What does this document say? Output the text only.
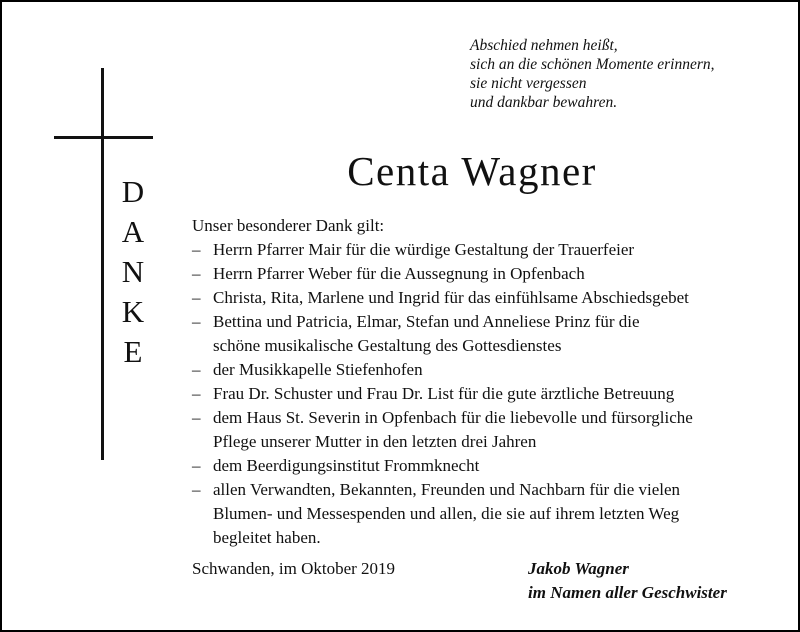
D
A
N
K
E
Abschied nehmen heißt,
sich an die schönen Momente erinnern,
sie nicht vergessen
und dankbar bewahren.
Centa Wagner
Unser besonderer Dank gilt:
– Herrn Pfarrer Mair für die würdige Gestaltung der Trauerfeier
– Herrn Pfarrer Weber für die Aussegnung in Opfenbach
– Christa, Rita, Marlene und Ingrid für das einfühlsame Abschiedsgebet
– Bettina und Patricia, Elmar, Stefan und Anneliese Prinz für die
schöne musikalische Gestaltung des Gottesdienstes
– der Musikkapelle Stiefenhofen
– Frau Dr. Schuster und Frau Dr. List für die gute ärztliche Betreuung
– dem Haus St. Severin in Opfenbach für die liebevolle und fürsorgliche
Pflege unserer Mutter in den letzten drei Jahren
– dem Beerdigungsinstitut Frommknecht
– allen Verwandten, Bekannten, Freunden und Nachbarn für die vielen
Blumen- und Messespenden und allen, die sie auf ihrem letzten Weg
begleitet haben.
Schwanden, im Oktober 2019	Jakob Wagner
im Namen aller Geschwister
